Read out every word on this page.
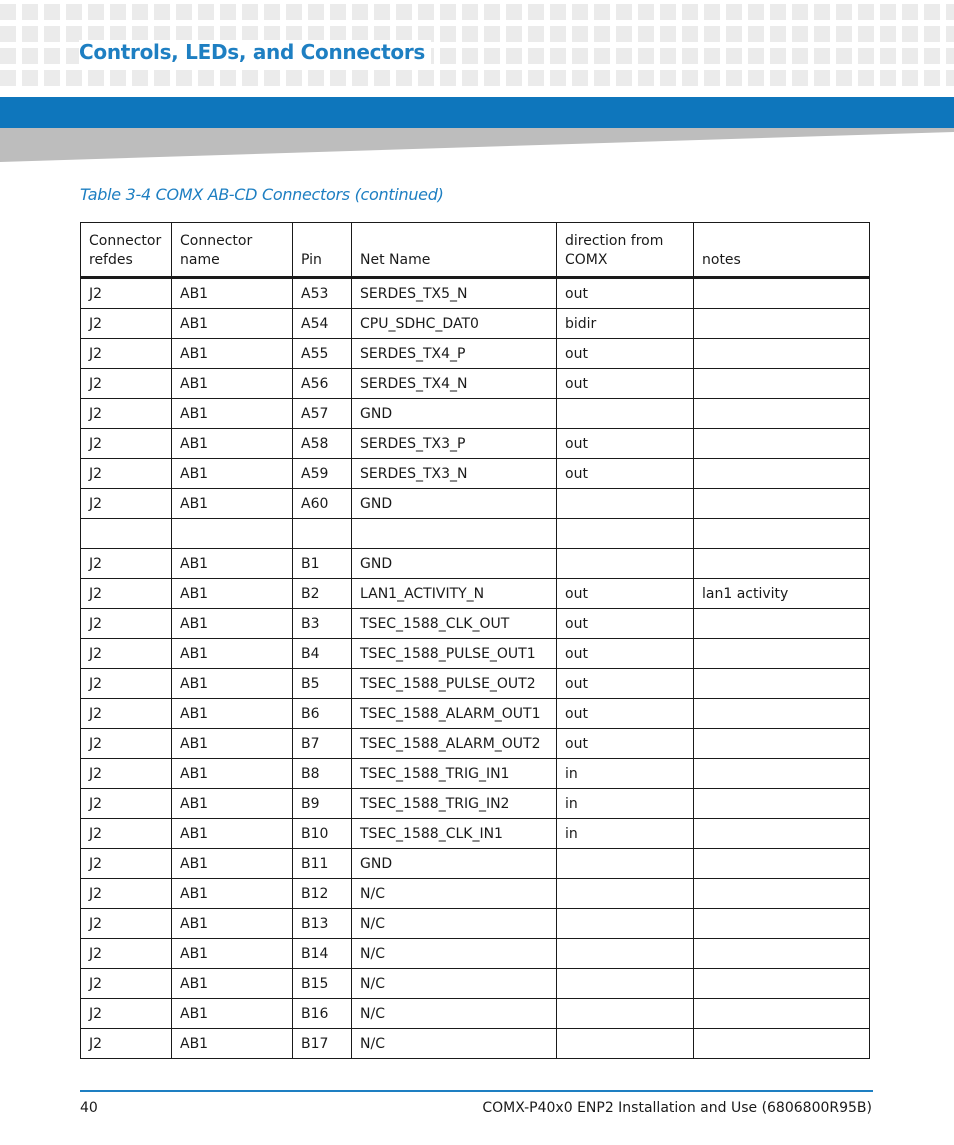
Controls, LEDs, and Connectors
Table 3-4 COMX AB-CD Connectors (continued)
Connector refdes	Connector name	Pin	Net Name	direction from COMX	notes
J2	AB1	A53	SERDES_TX5_N	out	
J2	AB1	A54	CPU_SDHC_DAT0	bidir	
J2	AB1	A55	SERDES_TX4_P	out	
J2	AB1	A56	SERDES_TX4_N	out	
J2	AB1	A57	GND		
J2	AB1	A58	SERDES_TX3_P	out	
J2	AB1	A59	SERDES_TX3_N	out	
J2	AB1	A60	GND		

J2	AB1	B1	GND		
J2	AB1	B2	LAN1_ACTIVITY_N	out	lan1 activity
J2	AB1	B3	TSEC_1588_CLK_OUT	out	
J2	AB1	B4	TSEC_1588_PULSE_OUT1	out	
J2	AB1	B5	TSEC_1588_PULSE_OUT2	out	
J2	AB1	B6	TSEC_1588_ALARM_OUT1	out	
J2	AB1	B7	TSEC_1588_ALARM_OUT2	out	
J2	AB1	B8	TSEC_1588_TRIG_IN1	in	
J2	AB1	B9	TSEC_1588_TRIG_IN2	in	
J2	AB1	B10	TSEC_1588_CLK_IN1	in	
J2	AB1	B11	GND		
J2	AB1	B12	N/C		
J2	AB1	B13	N/C		
J2	AB1	B14	N/C		
J2	AB1	B15	N/C		
J2	AB1	B16	N/C		
J2	AB1	B17	N/C		
40	COMX-P40x0 ENP2 Installation and Use (6806800R95B)
